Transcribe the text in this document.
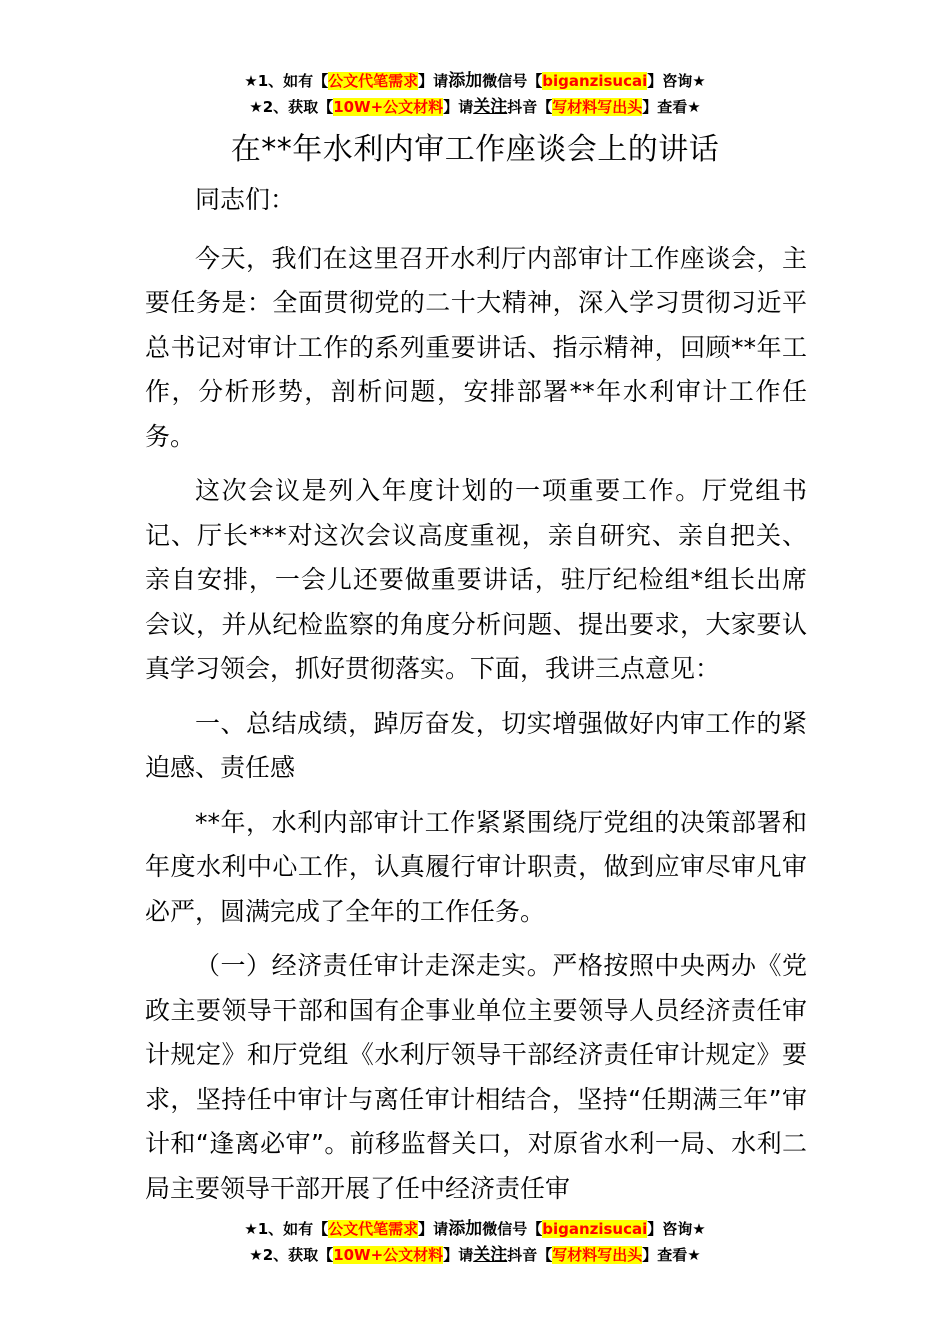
★1、如有【公文代笔需求】请添加微信号【biganzisucai】咨询★
★2、获取【10W+公文材料】请关注抖音【写材料写出头】查看★
在**年水利内审工作座谈会上的讲话

同志们：

今天，我们在这里召开水利厅内部审计工作座谈会，主要任务是：全面贯彻党的二十大精神，深入学习贯彻习近平总书记对审计工作的系列重要讲话、指示精神，回顾**年工作，分析形势，剖析问题，安排部署**年水利审计工作任务。

这次会议是列入年度计划的一项重要工作。厅党组书记、厅长***对这次会议高度重视，亲自研究、亲自把关、亲自安排，一会儿还要做重要讲话，驻厅纪检组*组长出席会议，并从纪检监察的角度分析问题、提出要求，大家要认真学习领会，抓好贯彻落实。下面，我讲三点意见：

一、总结成绩，踔厉奋发，切实增强做好内审工作的紧迫感、责任感

**年，水利内部审计工作紧紧围绕厅党组的决策部署和年度水利中心工作，认真履行审计职责，做到应审尽审凡审必严，圆满完成了全年的工作任务。

（一）经济责任审计走深走实。严格按照中央两办《党政主要领导干部和国有企事业单位主要领导人员经济责任审计规定》和厅党组《水利厅领导干部经济责任审计规定》要求，坚持任中审计与离任审计相结合，坚持“任期满三年”审计和“逢离必审”。前移监督关口，对原省水利一局、水利二局主要领导干部开展了任中经济责任审

★1、如有【公文代笔需求】请添加微信号【biganzisucai】咨询★
★2、获取【10W+公文材料】请关注抖音【写材料写出头】查看★
